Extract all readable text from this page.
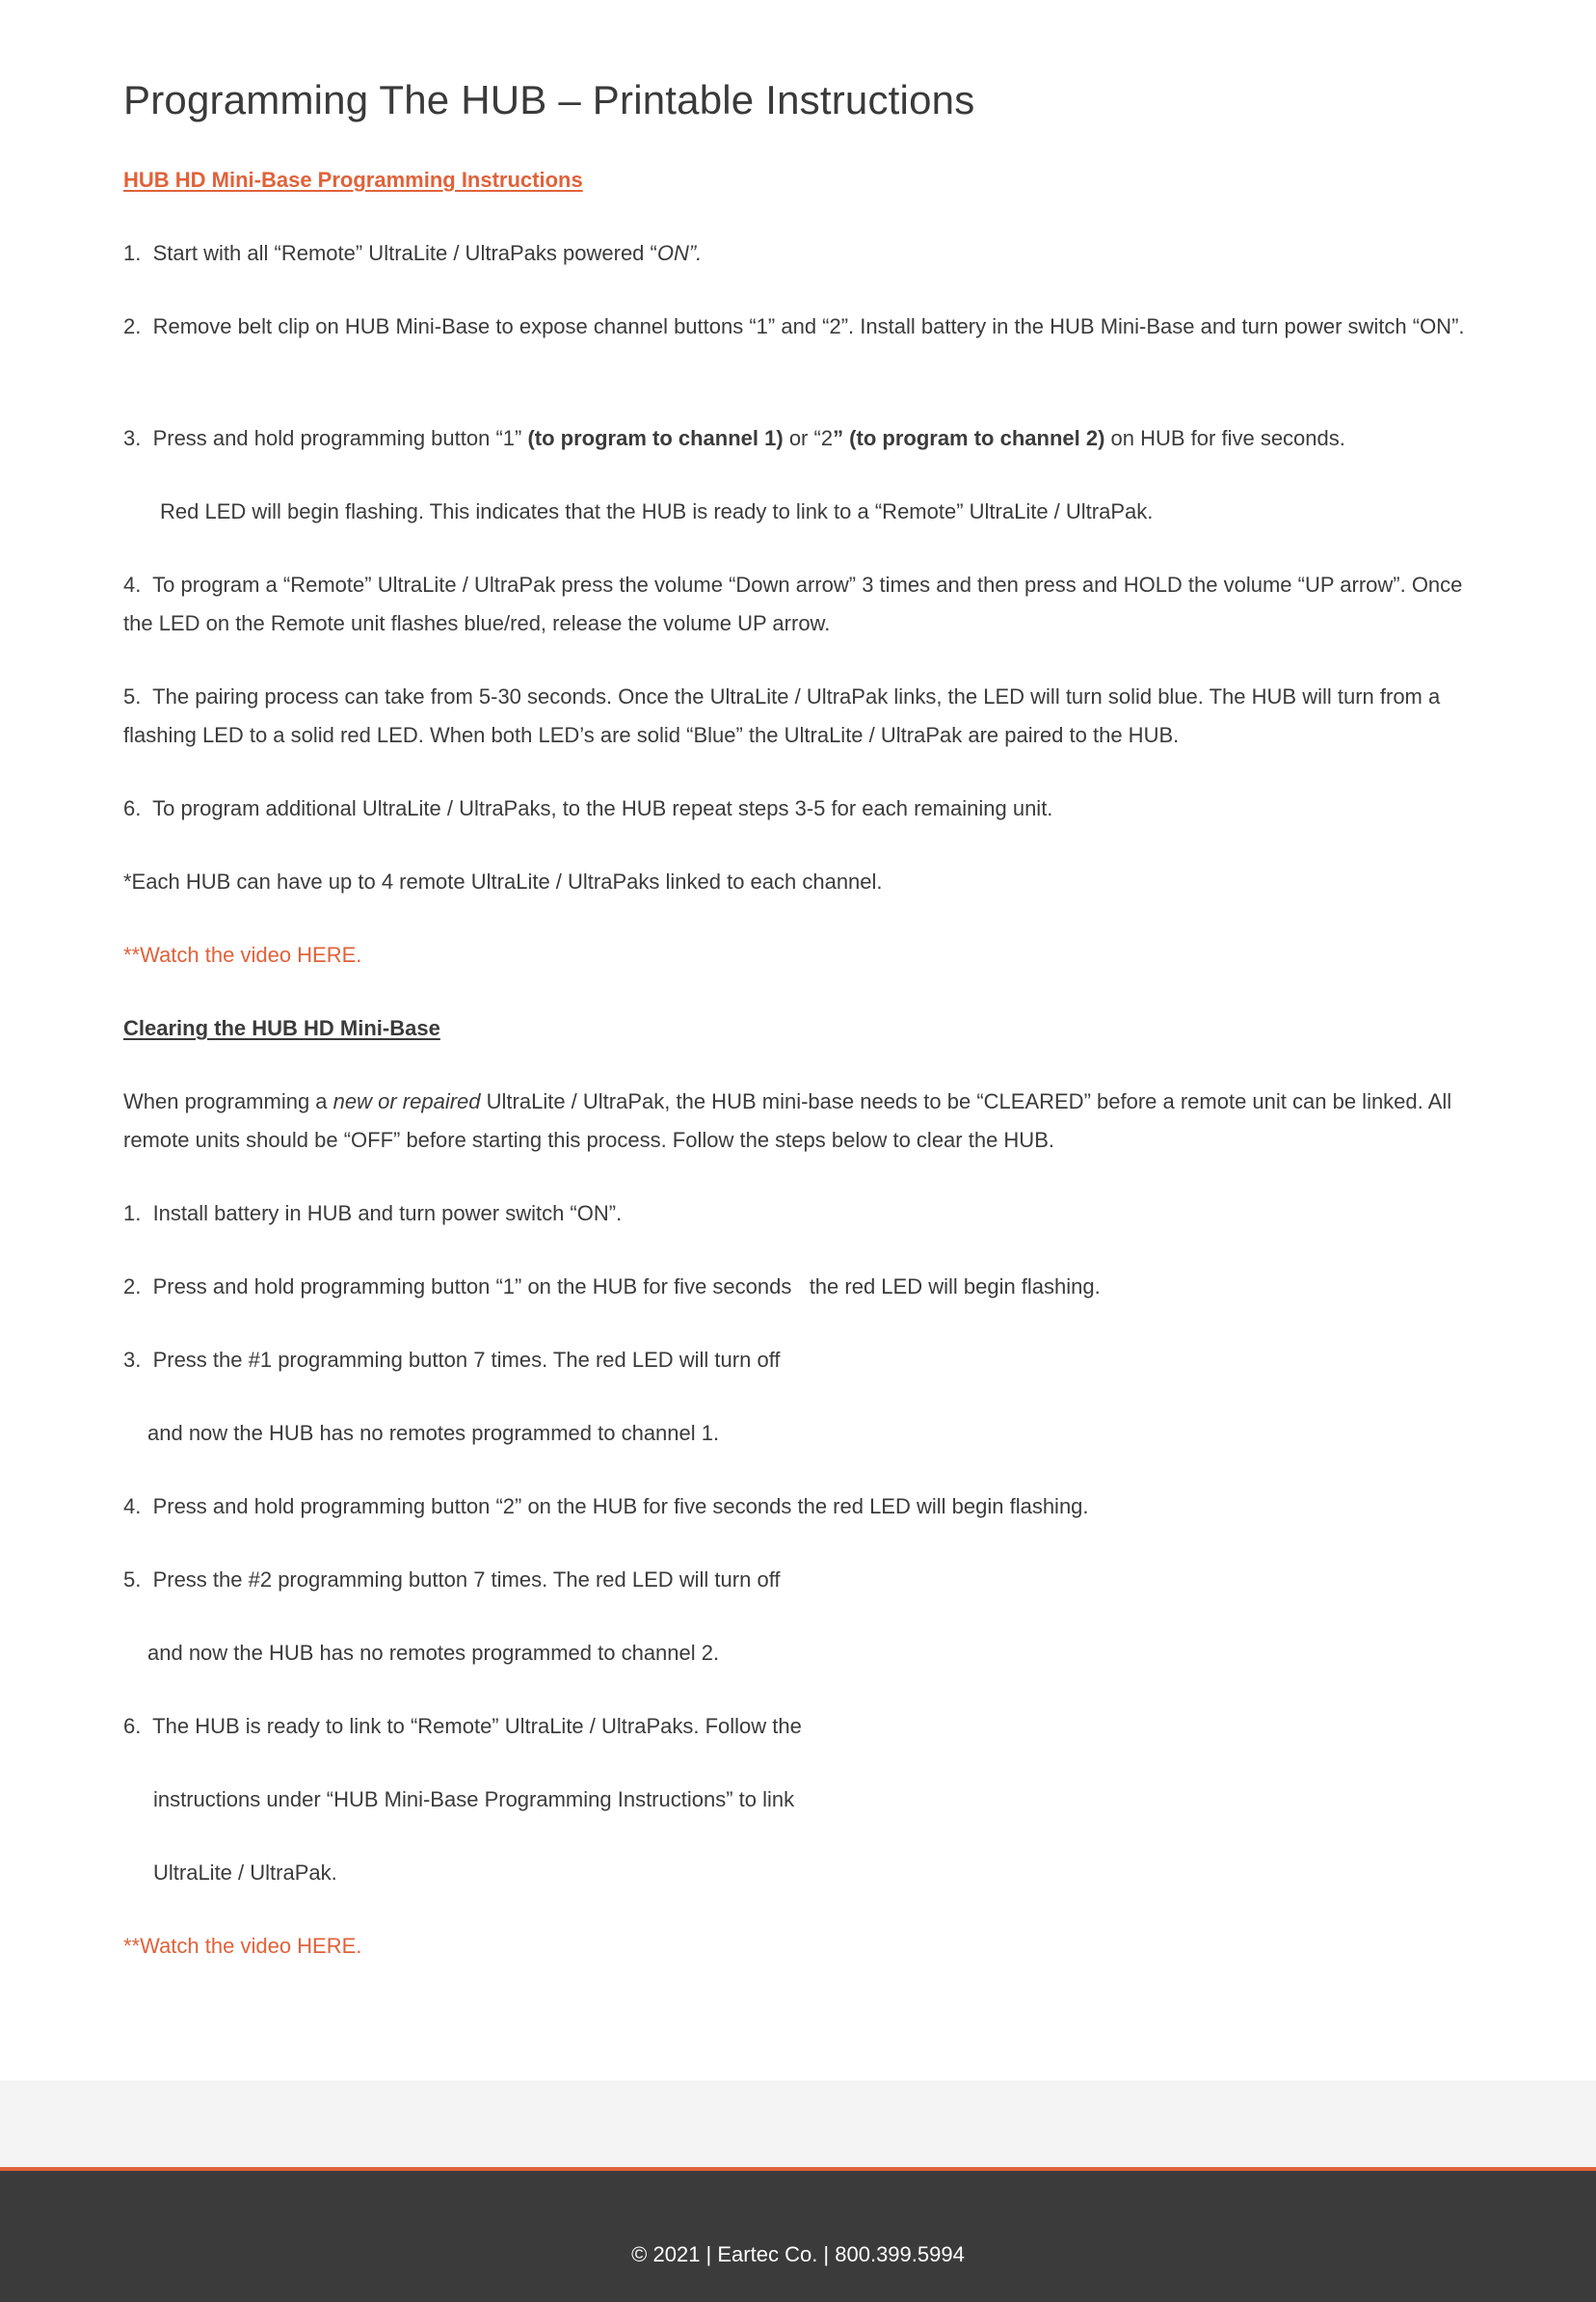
Programming The HUB – Printable Instructions

HUB HD Mini-Base Programming Instructions

1.  Start with all “Remote” UltraLite / UltraPaks powered “ON”.

2.  Remove belt clip on HUB Mini-Base to expose channel buttons “1” and “2”. Install battery in the HUB Mini-Base and turn power switch “ON”.

3.  Press and hold programming button “1” (to program to channel 1) or “2” (to program to channel 2) on HUB for five seconds.

Red LED will begin flashing. This indicates that the HUB is ready to link to a “Remote” UltraLite / UltraPak.

4.  To program a “Remote” UltraLite / UltraPak press the volume “Down arrow” 3 times and then press and HOLD the volume “UP arrow”. Once the LED on the Remote unit flashes blue/red, release the volume UP arrow.

5.  The pairing process can take from 5-30 seconds. Once the UltraLite / UltraPak links, the LED will turn solid blue. The HUB will turn from a flashing LED to a solid red LED. When both LED’s are solid “Blue” the UltraLite / UltraPak are paired to the HUB.

6.  To program additional UltraLite / UltraPaks, to the HUB repeat steps 3-5 for each remaining unit.

*Each HUB can have up to 4 remote UltraLite / UltraPaks linked to each channel.

**Watch the video HERE.

Clearing the HUB HD Mini-Base

When programming a new or repaired UltraLite / UltraPak, the HUB mini-base needs to be “CLEARED” before a remote unit can be linked. All remote units should be “OFF” before starting this process. Follow the steps below to clear the HUB.

1.  Install battery in HUB and turn power switch “ON”.

2.  Press and hold programming button “1” on the HUB for five seconds   the red LED will begin flashing.

3.  Press the #1 programming button 7 times. The red LED will turn off

and now the HUB has no remotes programmed to channel 1.

4.  Press and hold programming button “2” on the HUB for five seconds the red LED will begin flashing.

5.  Press the #2 programming button 7 times. The red LED will turn off

and now the HUB has no remotes programmed to channel 2.

6.  The HUB is ready to link to “Remote” UltraLite / UltraPaks. Follow the

instructions under “HUB Mini-Base Programming Instructions” to link

UltraLite / UltraPak.

**Watch the video HERE.

© 2021 | Eartec Co. | 800.399.5994
